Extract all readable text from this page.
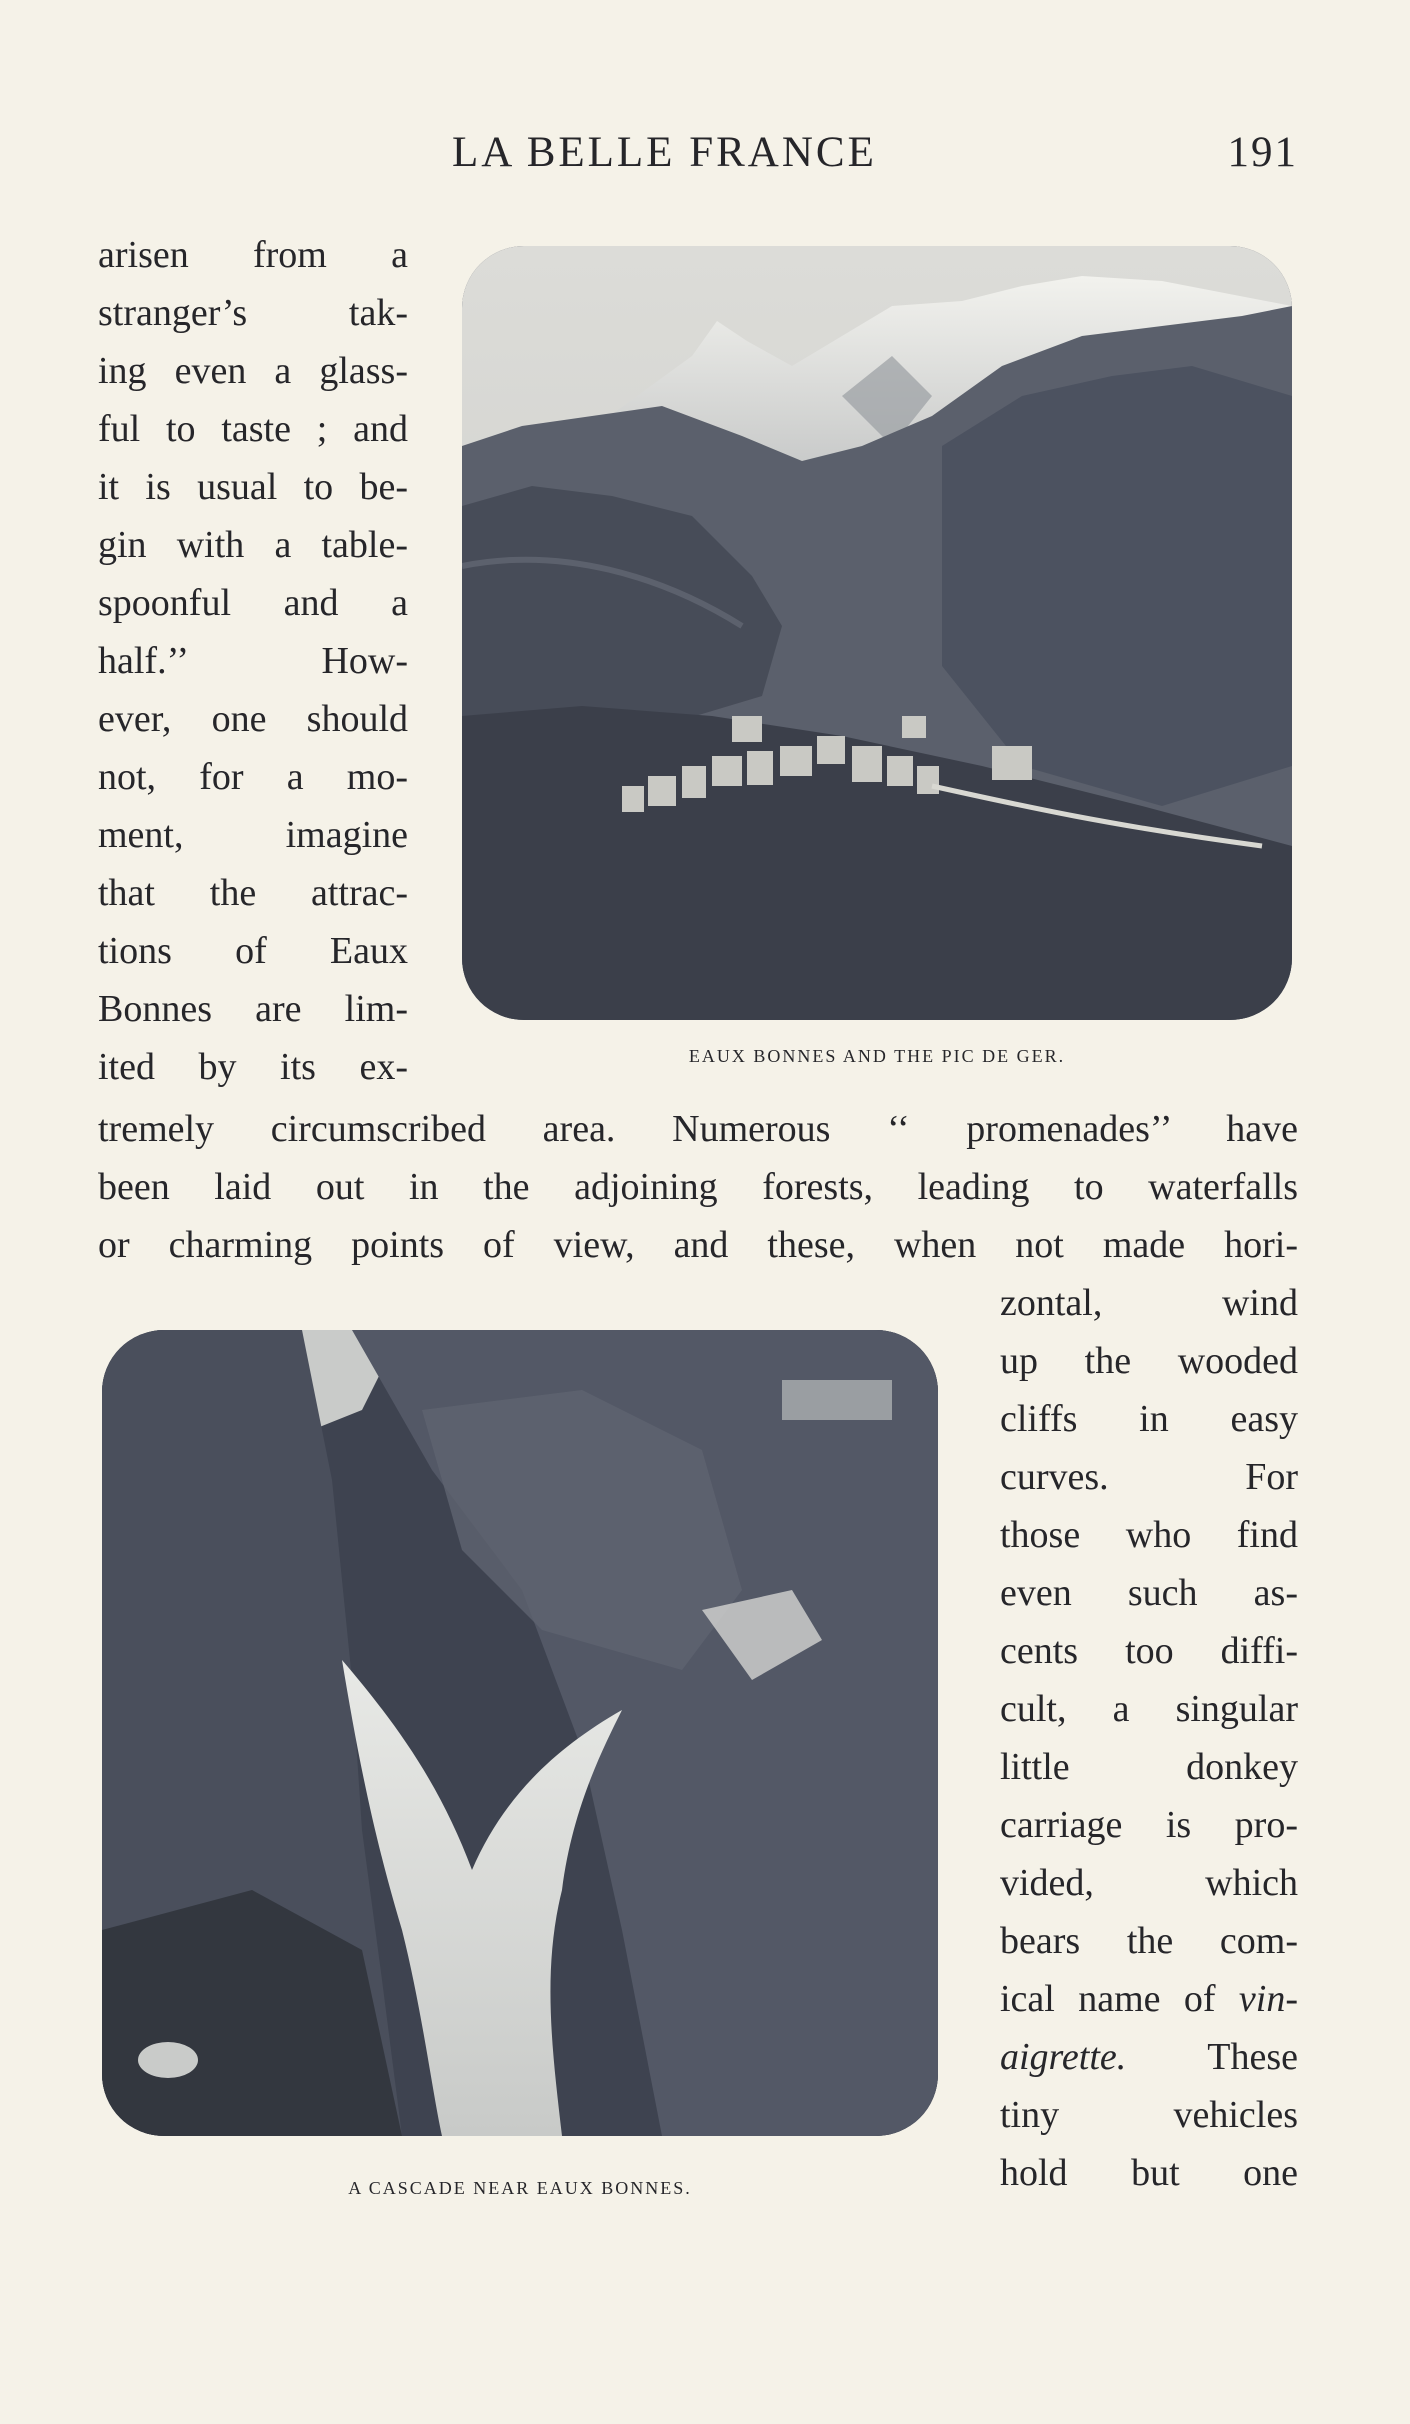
LA BELLE FRANCE	191
EAUX BONNES AND THE PIC DE GER.
A CASCADE NEAR EAUX BONNES.
arisen from a
stranger’s tak-
ing even a glass-
ful to taste ; and
it is usual to be-
gin with a table-
spoonful and a
half.’’ How-
ever, one should
not, for a mo-
ment, imagine
that the attrac-
tions of Eaux
Bonnes are lim-
ited by its ex-
tremely circumscribed area. Numerous ‘‘ promenades’’ have
been laid out in the adjoining forests, leading to waterfalls
or charming points of view, and these, when not made hori-
zontal, wind
up the wooded
cliffs in easy
curves. For
those who find
even such as-
cents too diffi-
cult, a singular
little donkey
carriage is pro-
vided, which
bears the com-
ical name of vin-
aigrette. These
tiny vehicles
hold but one
